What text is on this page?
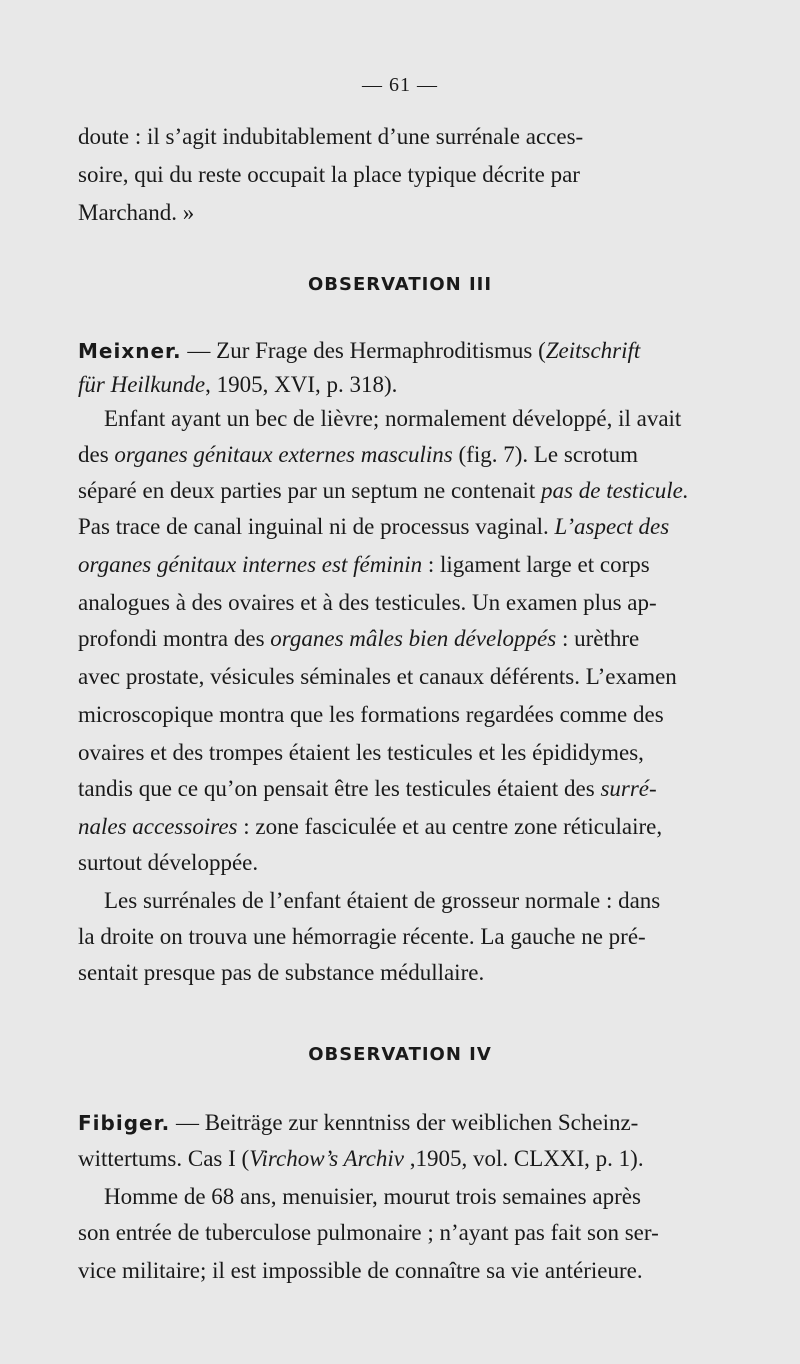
— 61 —
doute : il s’agit indubitablement d’une surrénale acces-
soire, qui du reste occupait la place typique décrite par
Marchand. »
OBSERVATION III
Meixner. — Zur Frage des Hermaphroditismus (Zeitschrift
für Heilkunde, 1905, XVI, p. 318).
Enfant ayant un bec de lièvre; normalement développé, il avait
des organes génitaux externes masculins (fig. 7). Le scrotum
séparé en deux parties par un septum ne contenait pas de testicule.
Pas trace de canal inguinal ni de processus vaginal. L’aspect des
organes génitaux internes est féminin : ligament large et corps
analogues à des ovaires et à des testicules. Un examen plus ap-
profondi montra des organes mâles bien développés : urèthre
avec prostate, vésicules séminales et canaux déférents. L’examen
microscopique montra que les formations regardées comme des
ovaires et des trompes étaient les testicules et les épididymes,
tandis que ce qu’on pensait être les testicules étaient des surré-
nales accessoires : zone fasciculée et au centre zone réticulaire,
surtout développée.
Les surrénales de l’enfant étaient de grosseur normale : dans
la droite on trouva une hémorragie récente. La gauche ne pré-
sentait presque pas de substance médullaire.
OBSERVATION IV
Fibiger. — Beiträge zur kenntniss der weiblichen Scheinz-
wittertums. Cas I (Virchow’s Archiv ,1905, vol. CLXXI, p. 1).
Homme de 68 ans, menuisier, mourut trois semaines après
son entrée de tuberculose pulmonaire ; n’ayant pas fait son ser-
vice militaire; il est impossible de connaître sa vie antérieure.
